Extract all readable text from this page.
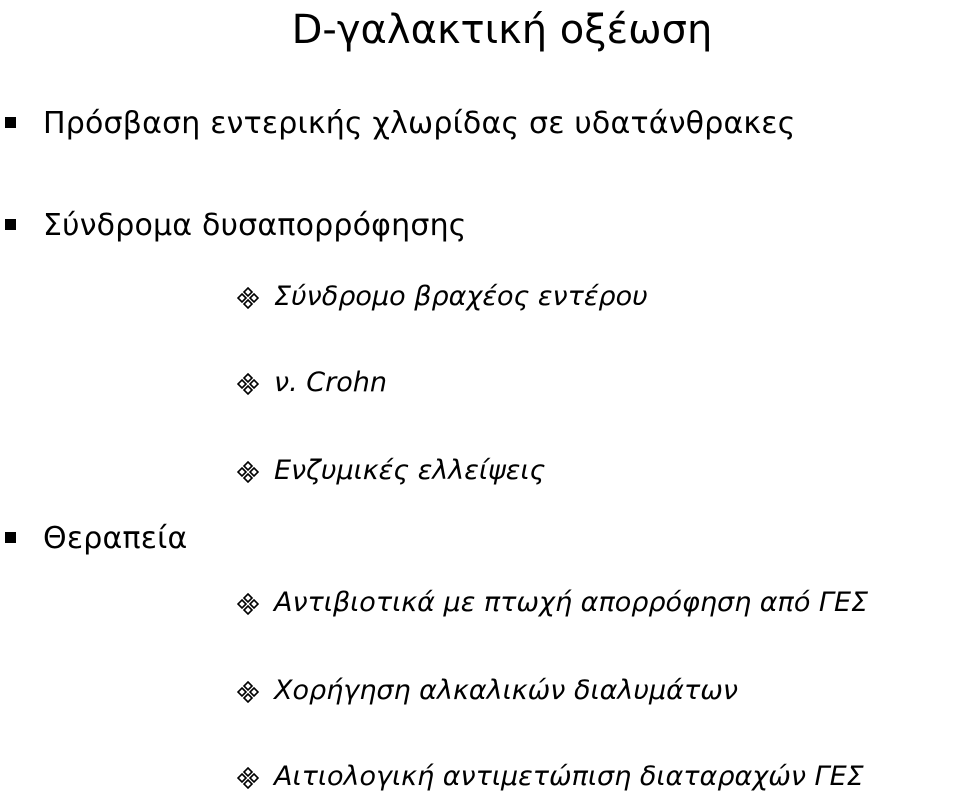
D-γαλακτική οξέωση
Πρόσβαση εντερικής χλωρίδας σε υδατάνθρακες
Σύνδρομα δυσαπορρόφησης
Σύνδρομο βραχέος εντέρου
ν. Crohn
Ενζυμικές ελλείψεις
Θεραπεία
Αντιβιοτικά με πτωχή απορρόφηση από ΓΕΣ
Χορήγηση αλκαλικών διαλυμάτων
Αιτιολογική αντιμετώπιση διαταραχών ΓΕΣ
